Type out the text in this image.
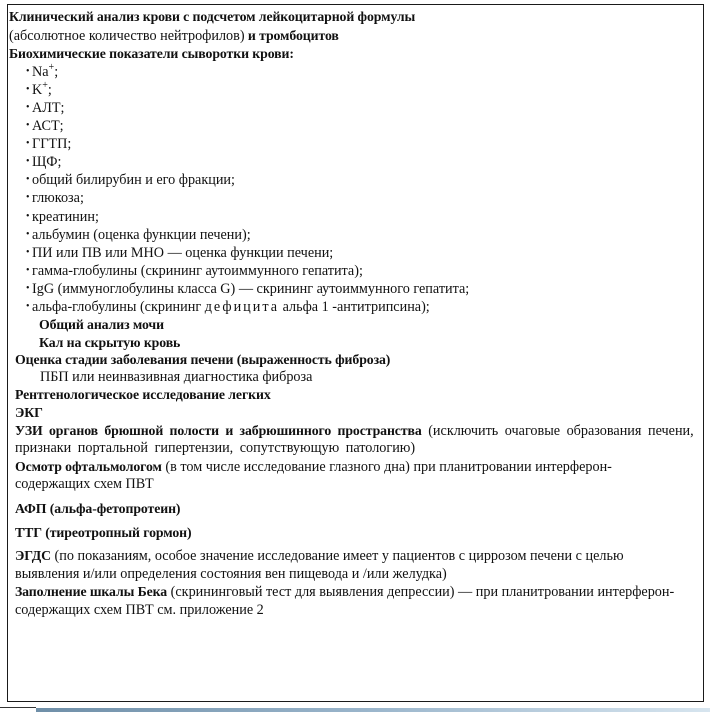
Клинический анализ крови с подсчетом лейкоцитарной формулы
(абсолютное количество нейтрофилов) и тромбоцитов
Биохимические показатели сыворотки крови:
• Na+;
• K+;
• АЛТ;
• АСТ;
• ГГТП;
• ЩФ;
• общий билирубин и его фракции;
• глюкоза;
• креатинин;
• альбумин (оценка функции печени);
• ПИ или ПВ или МНО — оценка функции печени;
• гамма-глобулины (скрининг аутоиммунного гепатита);
• IgG (иммуноглобулины класса G) — скрининг аутоиммунного гепатита;
• альфа-глобулины (скрининг дефицита альфа 1 -антитрипсина);
Общий анализ мочи
Кал на скрытую кровь
Оценка стадии заболевания печени (выраженность фиброза)
ПБП или неинвазивная диагностика фиброза
Рентгенологическое исследование легких
ЭКГ
УЗИ органов брюшной полости и забрюшинного пространства (исключить очаговые образования печени,
признаки портальной гипертензии, сопутствующую патологию)
Осмотр офтальмологом (в том числе исследование глазного дна) при планитровании интерферон-
содержащих схем ПВТ
АФП (альфа-фетопротеин)
ТТГ (тиреотропный гормон)
ЭГДС (по показаниям, особое значение исследование имеет у пациентов с циррозом печени с целью
выявления и/или определения состояния вен пищевода и /или желудка)
Заполнение шкалы Бека (скрининговый тест для выявления депрессии) — при планитровании интерферон-
содержащих схем ПВТ см. приложение 2
